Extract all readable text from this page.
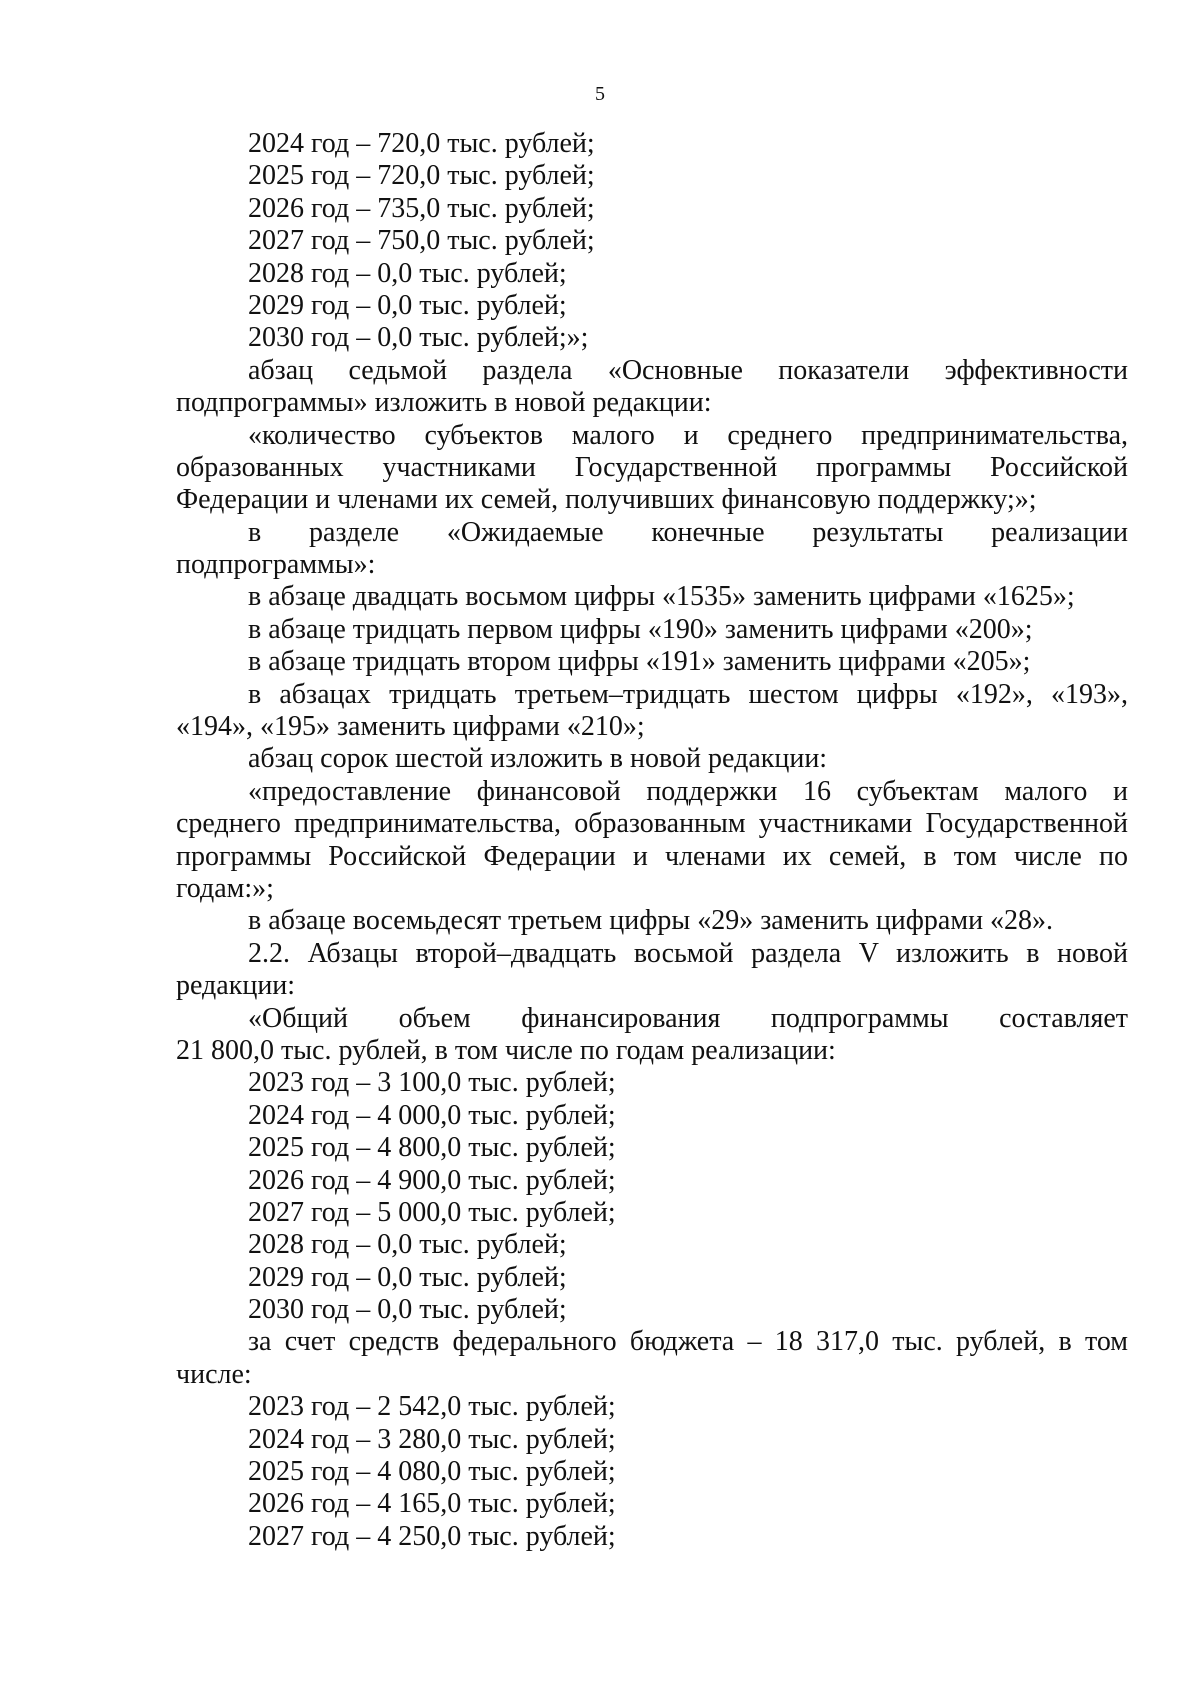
5
2024 год – 720,0 тыс. рублей;
2025 год – 720,0 тыс. рублей;
2026 год – 735,0 тыс. рублей;
2027 год – 750,0 тыс. рублей;
2028 год – 0,0 тыс. рублей;
2029 год – 0,0 тыс. рублей;
2030 год – 0,0 тыс. рублей;»;
абзац седьмой раздела «Основные показатели эффективности
подпрограммы» изложить в новой редакции:
«количество субъектов малого и среднего предпринимательства,
образованных участниками Государственной программы Российской
Федерации и членами их семей, получивших финансовую поддержку;»;
в разделе «Ожидаемые конечные результаты реализации
подпрограммы»:
в абзаце двадцать восьмом цифры «1535» заменить цифрами «1625»;
в абзаце тридцать первом цифры «190» заменить цифрами «200»;
в абзаце тридцать втором цифры «191» заменить цифрами «205»;
в абзацах тридцать третьем–тридцать шестом цифры «192», «193»,
«194», «195» заменить цифрами «210»;
абзац сорок шестой изложить в новой редакции:
«предоставление финансовой поддержки 16 субъектам малого и
среднего предпринимательства, образованным участниками Государственной
программы Российской Федерации и членами их семей, в том числе по
годам:»;
в абзаце восемьдесят третьем цифры «29» заменить цифрами «28».
2.2. Абзацы второй–двадцать восьмой раздела V изложить в новой
редакции:
«Общий объем финансирования подпрограммы составляет
21 800,0 тыс. рублей, в том числе по годам реализации:
2023 год – 3 100,0 тыс. рублей;
2024 год – 4 000,0 тыс. рублей;
2025 год – 4 800,0 тыс. рублей;
2026 год – 4 900,0 тыс. рублей;
2027 год – 5 000,0 тыс. рублей;
2028 год – 0,0 тыс. рублей;
2029 год – 0,0 тыс. рублей;
2030 год – 0,0 тыс. рублей;
за счет средств федерального бюджета – 18 317,0 тыс. рублей, в том
числе:
2023 год – 2 542,0 тыс. рублей;
2024 год – 3 280,0 тыс. рублей;
2025 год – 4 080,0 тыс. рублей;
2026 год – 4 165,0 тыс. рублей;
2027 год – 4 250,0 тыс. рублей;
